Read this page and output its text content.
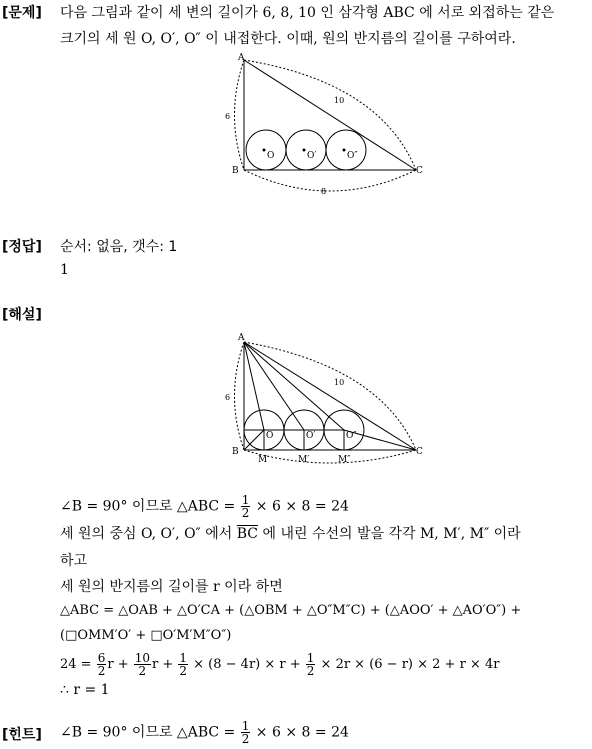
[문제] 다음 그림과 같이 세 변의 길이가 6, 8, 10 인 삼각형 ABC 에 서로 외접하는 같은
크기의 세 원 O, O′, O″ 이 내접한다. 이때, 원의 반지름의 길이를 구하여라.
A
B	C
6
10
8
O	O′	O″
[정답] 순서: 없음, 갯수: 1
1
[해설]
A
B	C
6
10
O	O′	O″
M	M′	M″
∠B = 90° 이므로 △ABC = $\frac{1}{2} \times 6 \times 8 = 24$
세 원의 중심 O, O′, O″ 에서 $\overline{BC}$ 에 내린 수선의 발을 각각 M, M′, M″ 이라
하고
세 원의 반지름의 길이를 r 이라 하면
△ABC = △OAB + △O′CA + (△OBM + △O″M″C) + (△AOO′ + △AO′O″) +
(□OMM′O′ + □O′M′M″O″)
$24 = \frac{6}{2}$ $r + \frac{10}{2}$ $r + \frac{1}{2} \times (8 - 4r) \times r + \frac{1}{2} \times 2r \times (6 - r) \times 2 + r \times 4r$
∴ r = 1
[힌트] ∠B = 90° 이므로 △ABC = $\frac{1}{2} \times 6 \times 8 = 24$
